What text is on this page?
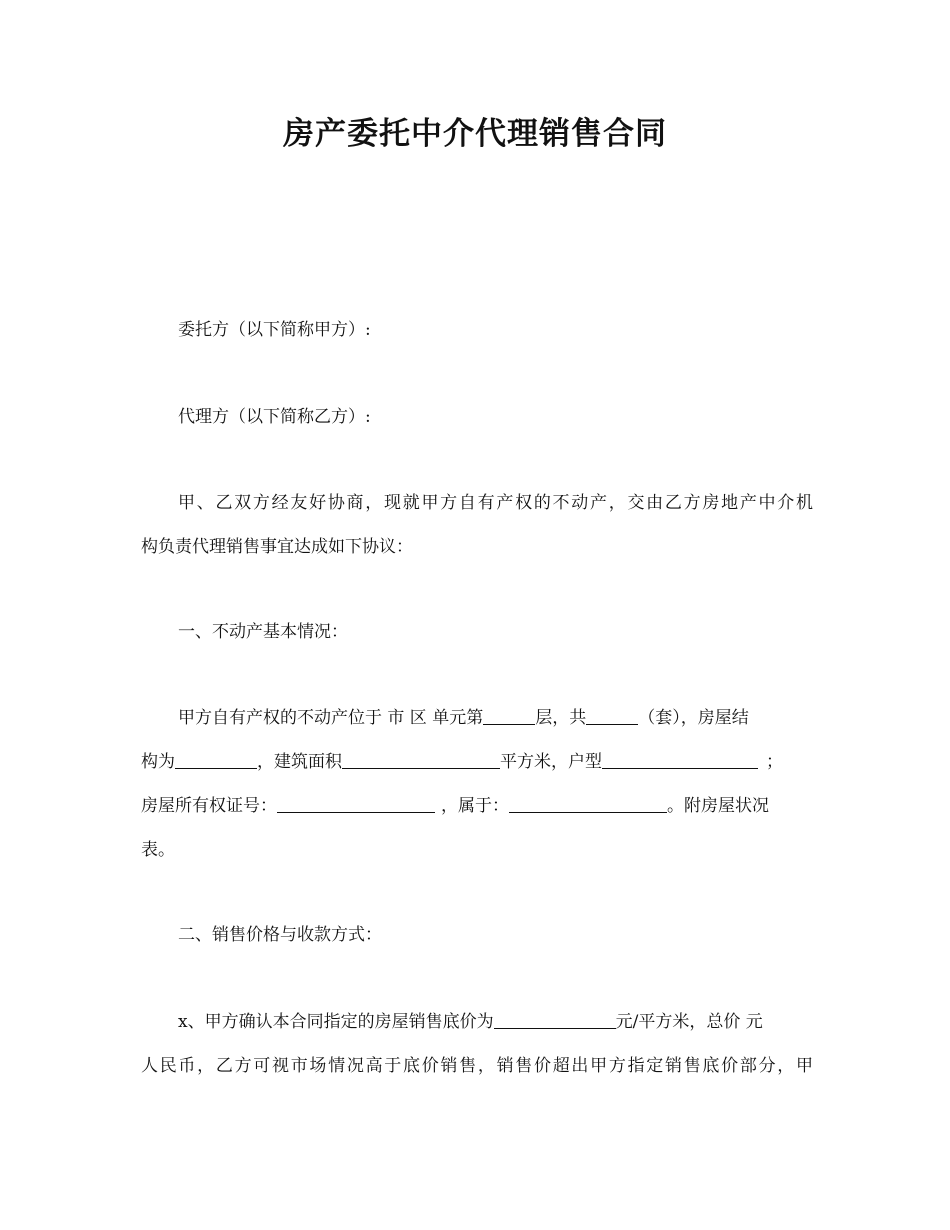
房产委托中介代理销售合同

委托方（以下简称甲方）:

代理方（以下简称乙方）:

甲、乙双方经友好协商，现就甲方自有产权的不动产，交由乙方房地产中介机
构负责代理销售事宜达成如下协议：

一、不动产基本情况：

甲方自有产权的不动产位于 市 区 单元第	层，共	（套），房屋结
构为	，建筑面积	平方米，户型	；
房屋所有权证号：	，属于：	。附房屋状况
表。

二、销售价格与收款方式：

x、甲方确认本合同指定的房屋销售底价为	元/平方米，总价 元
人民币，乙方可视市场情况高于底价销售，销售价超出甲方指定销售底价部分，甲
